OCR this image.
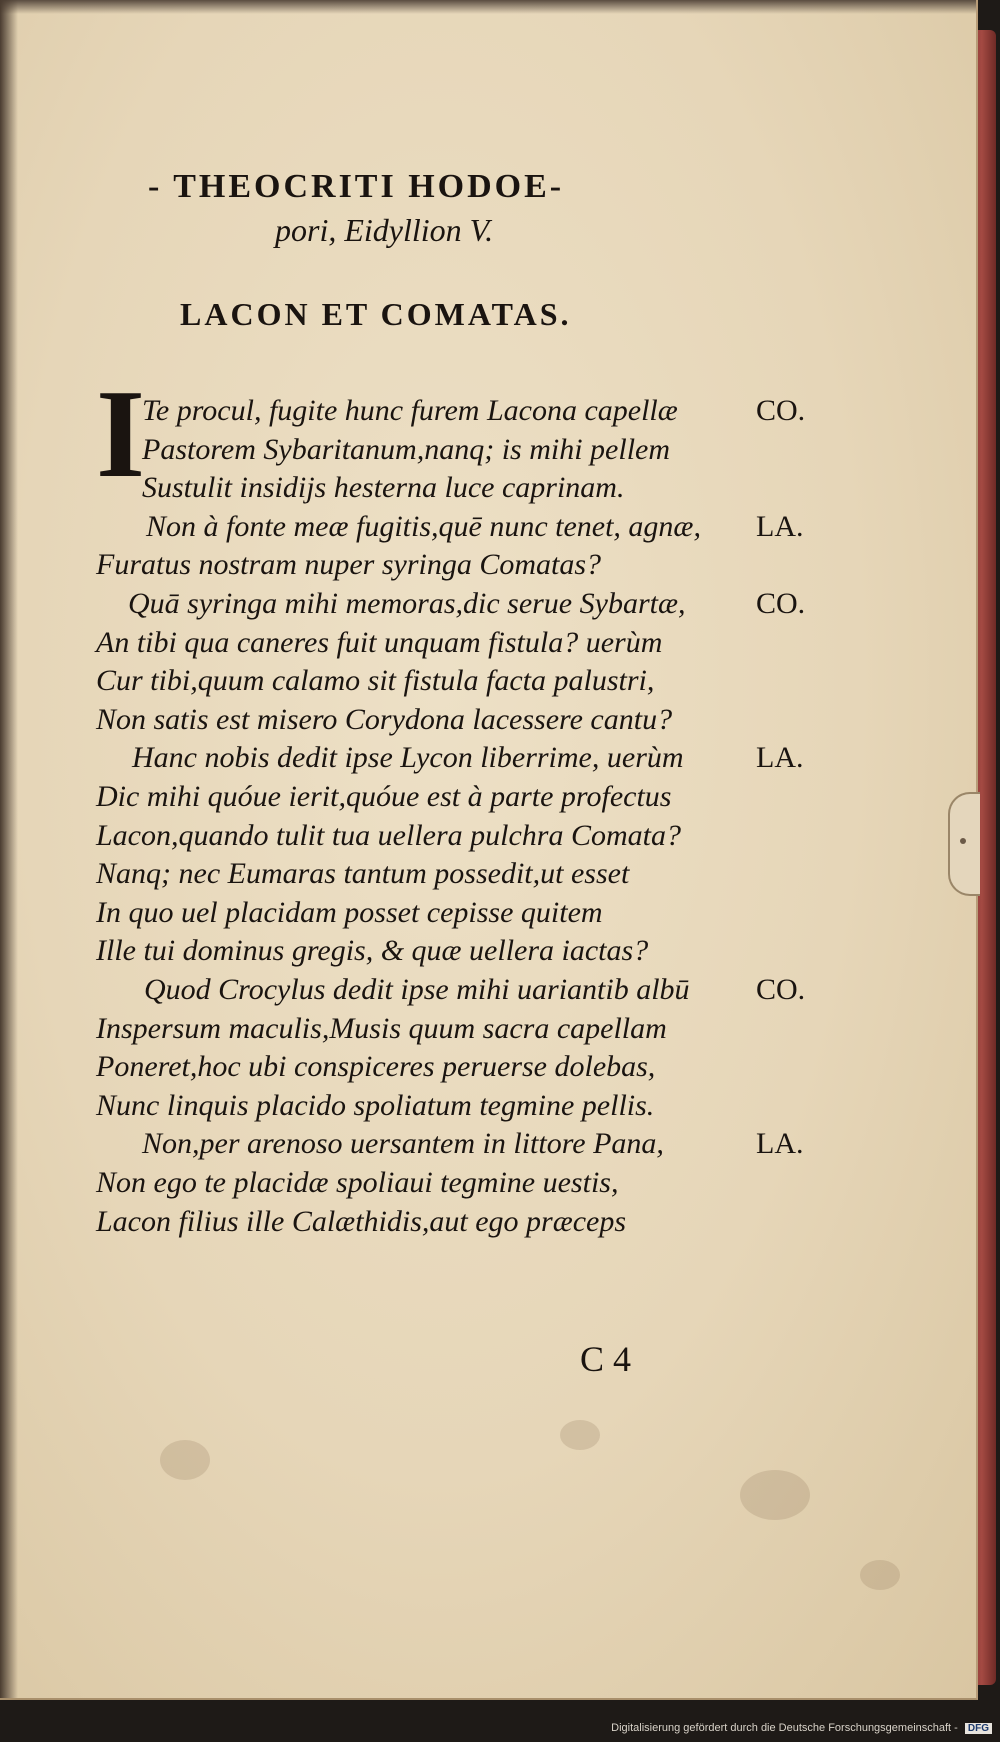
- THEOCRITI HODOE-
pori, Eidyllion V.
LACON ET COMATAS.
I
Te procul, fugite hunc furem Lacona capellæ
Pastorem Sybaritanum,nanq; is mihi pellem
Sustulit insidijs hesterna luce caprinam.
Non à fonte meæ fugitis,quē nunc tenet, agnæ,
Furatus nostram nuper syringa Comatas?
Quā syringa mihi memoras,dic serue Sybartæ,
An tibi qua caneres fuit unquam fistula? uerùm
Cur tibi,quum calamo sit fistula facta palustri,
Non satis est misero Corydona lacessere cantu?
Hanc nobis dedit ipse Lycon liberrime, uerùm
Dic mihi quóue ierit,quóue est à parte profectus
Lacon,quando tulit tua uellera pulchra Comata?
Nanq; nec Eumaras tantum possedit,ut esset
In quo uel placidam posset cepisse quitem
Ille tui dominus gregis, & quæ uellera iactas?
Quod Crocylus dedit ipse mihi uariantib albū
Inspersum maculis,Musis quum sacra capellam
Poneret,hoc ubi conspiceres peruerse dolebas,
Nunc linquis placido spoliatum tegmine pellis.
Non,per arenoso uersantem in littore Pana,
Non ego te placidæ spoliaui tegmine uestis,
Lacon filius ille Calæthidis,aut ego præceps
CO.
LA.
CO.
LA.
CO.
LA.
C 4
Digitalisierung gefördert durch die Deutsche Forschungsgemeinschaft - DFG
